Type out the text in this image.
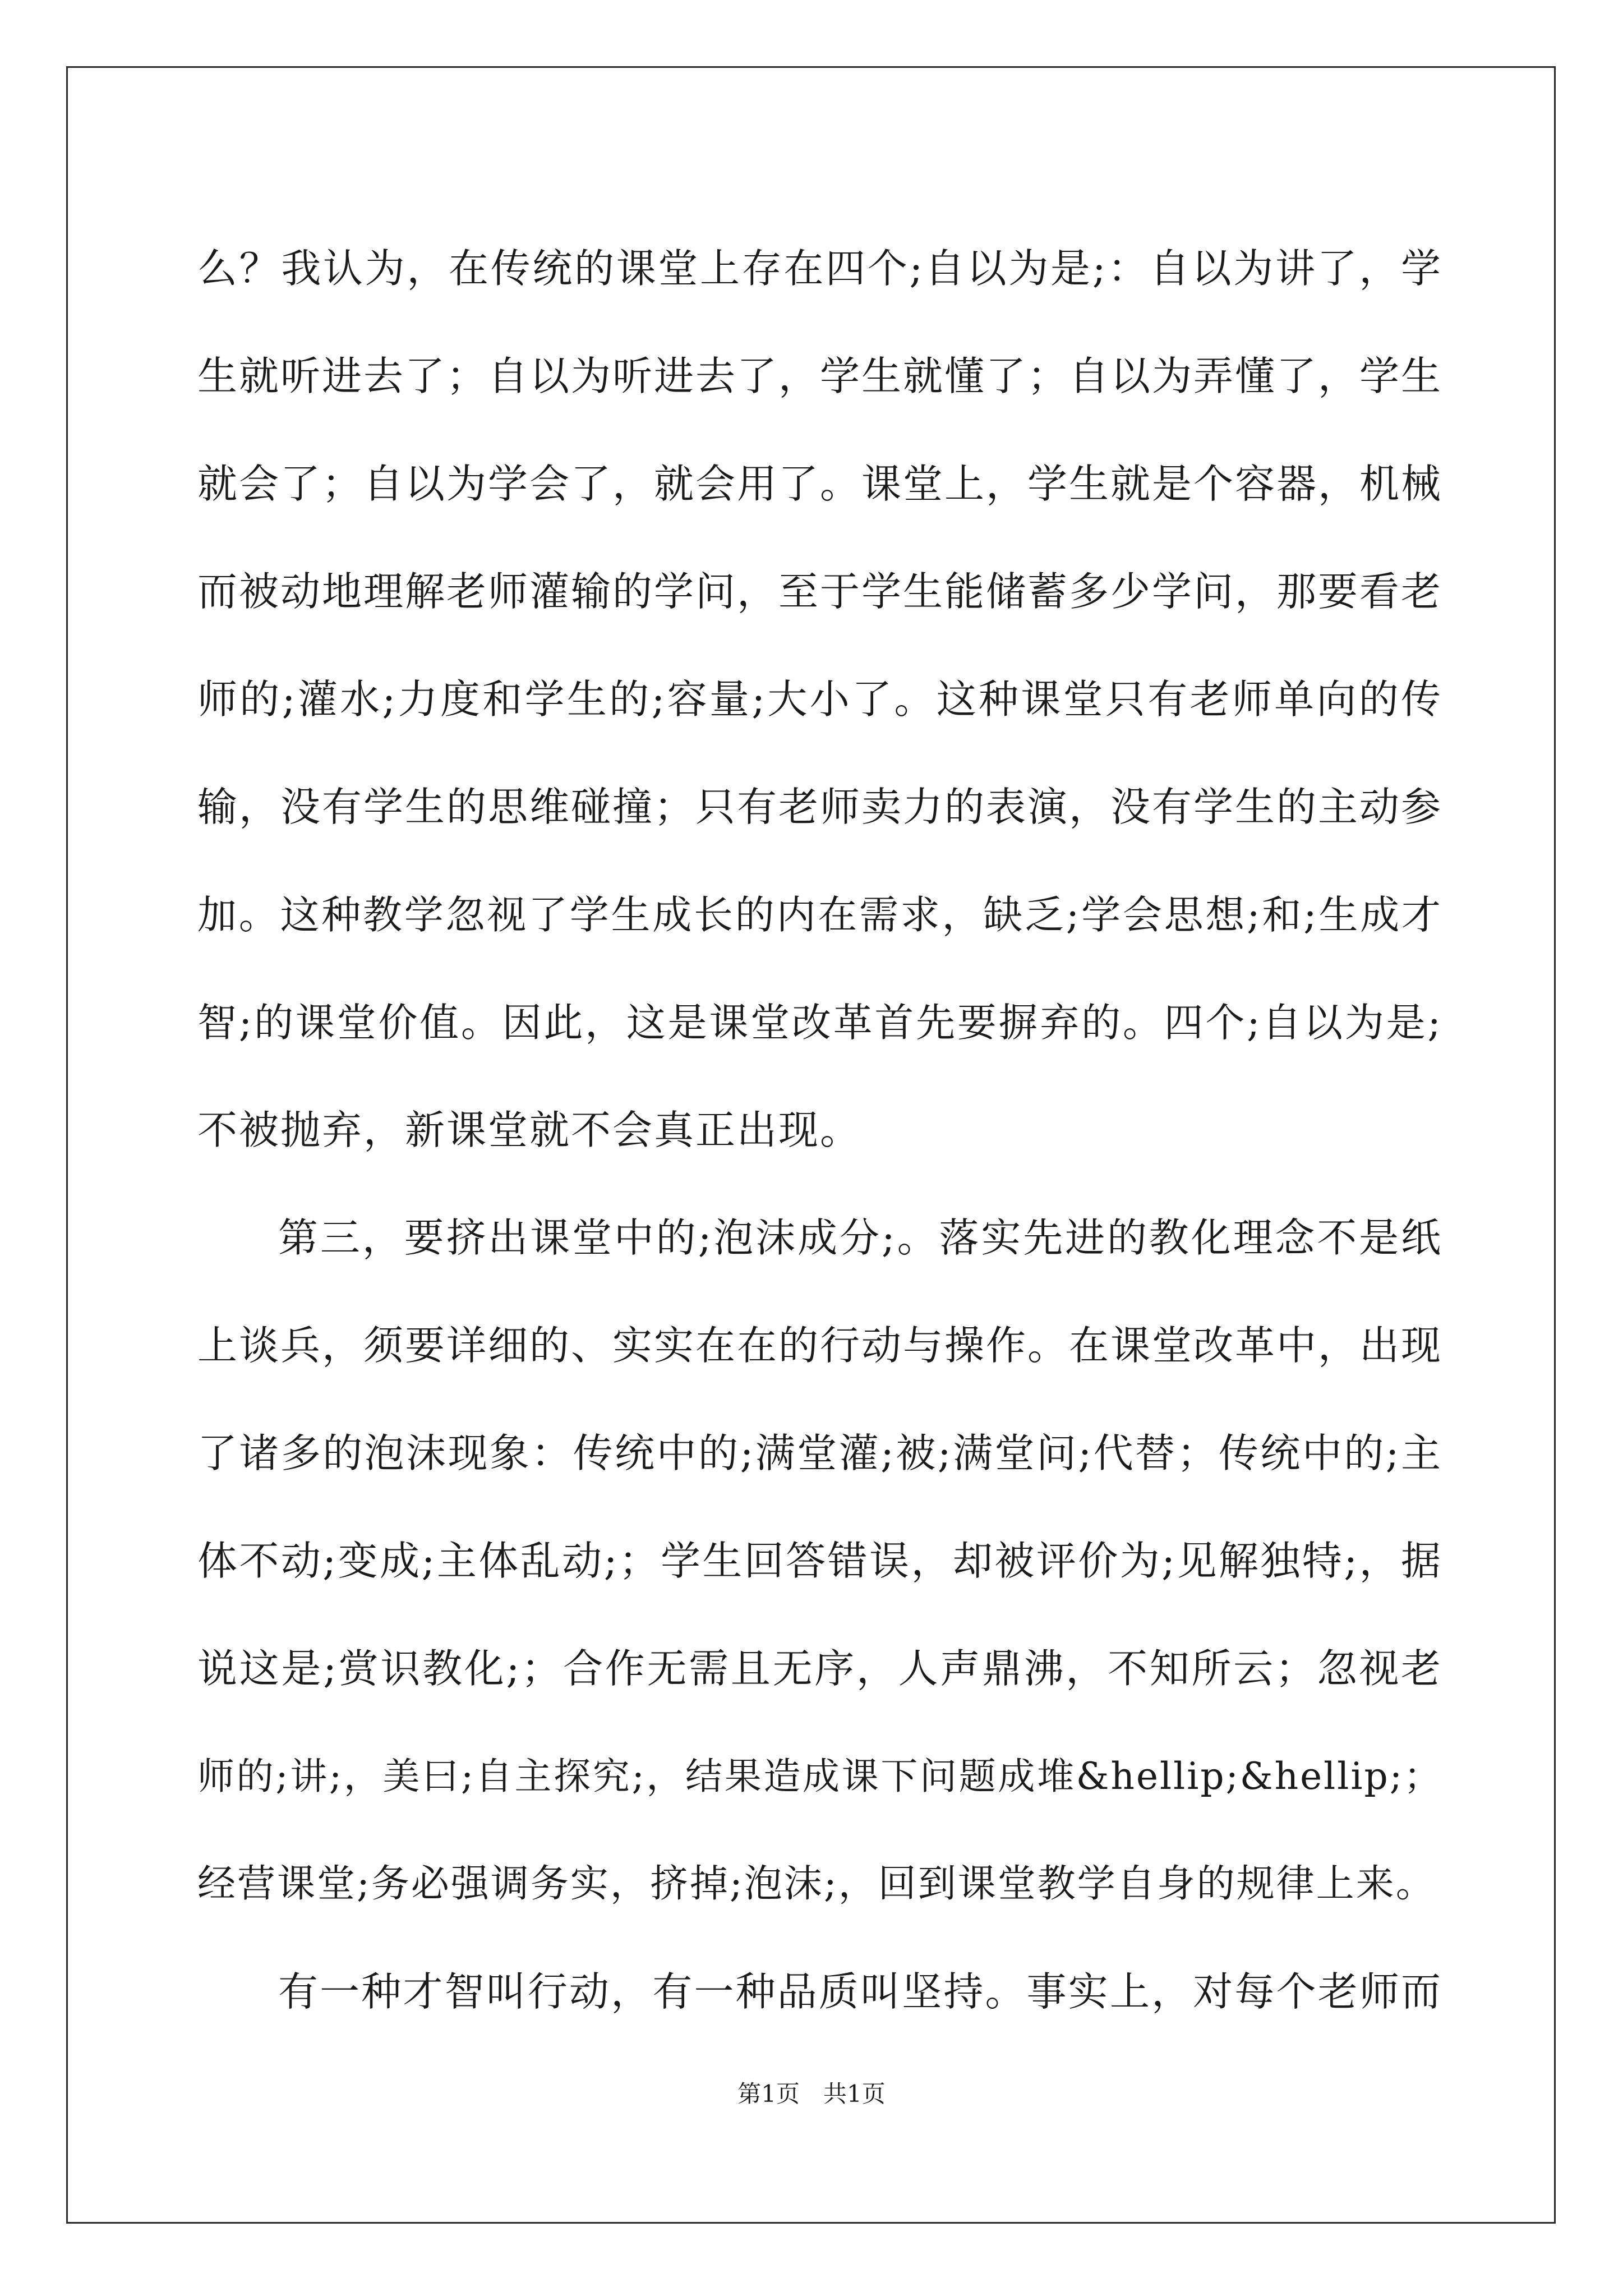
么？我认为，在传统的课堂上存在四个;自以为是;：自以为讲了，学
生就听进去了；自以为听进去了，学生就懂了；自以为弄懂了，学生
就会了；自以为学会了，就会用了。课堂上，学生就是个容器，机械
而被动地理解老师灌输的学问，至于学生能储蓄多少学问，那要看老
师的;灌水;力度和学生的;容量;大小了。这种课堂只有老师单向的传
输，没有学生的思维碰撞；只有老师卖力的表演，没有学生的主动参
加。这种教学忽视了学生成长的内在需求，缺乏;学会思想;和;生成才
智;的课堂价值。因此，这是课堂改革首先要摒弃的。四个;自以为是;
不被抛弃，新课堂就不会真正出现。
第三，要挤出课堂中的;泡沫成分;。落实先进的教化理念不是纸
上谈兵，须要详细的、实实在在的行动与操作。在课堂改革中，出现
了诸多的泡沫现象：传统中的;满堂灌;被;满堂问;代替；传统中的;主
体不动;变成;主体乱动;；学生回答错误，却被评价为;见解独特;，据
说这是;赏识教化;；合作无需且无序，人声鼎沸，不知所云；忽视老
师的;讲;，美曰;自主探究;，结果造成课下问题成堆&hellip;&hellip;；
经营课堂;务必强调务实，挤掉;泡沫;，回到课堂教学自身的规律上来。
有一种才智叫行动，有一种品质叫坚持。事实上，对每个老师而
第1页　共1页
